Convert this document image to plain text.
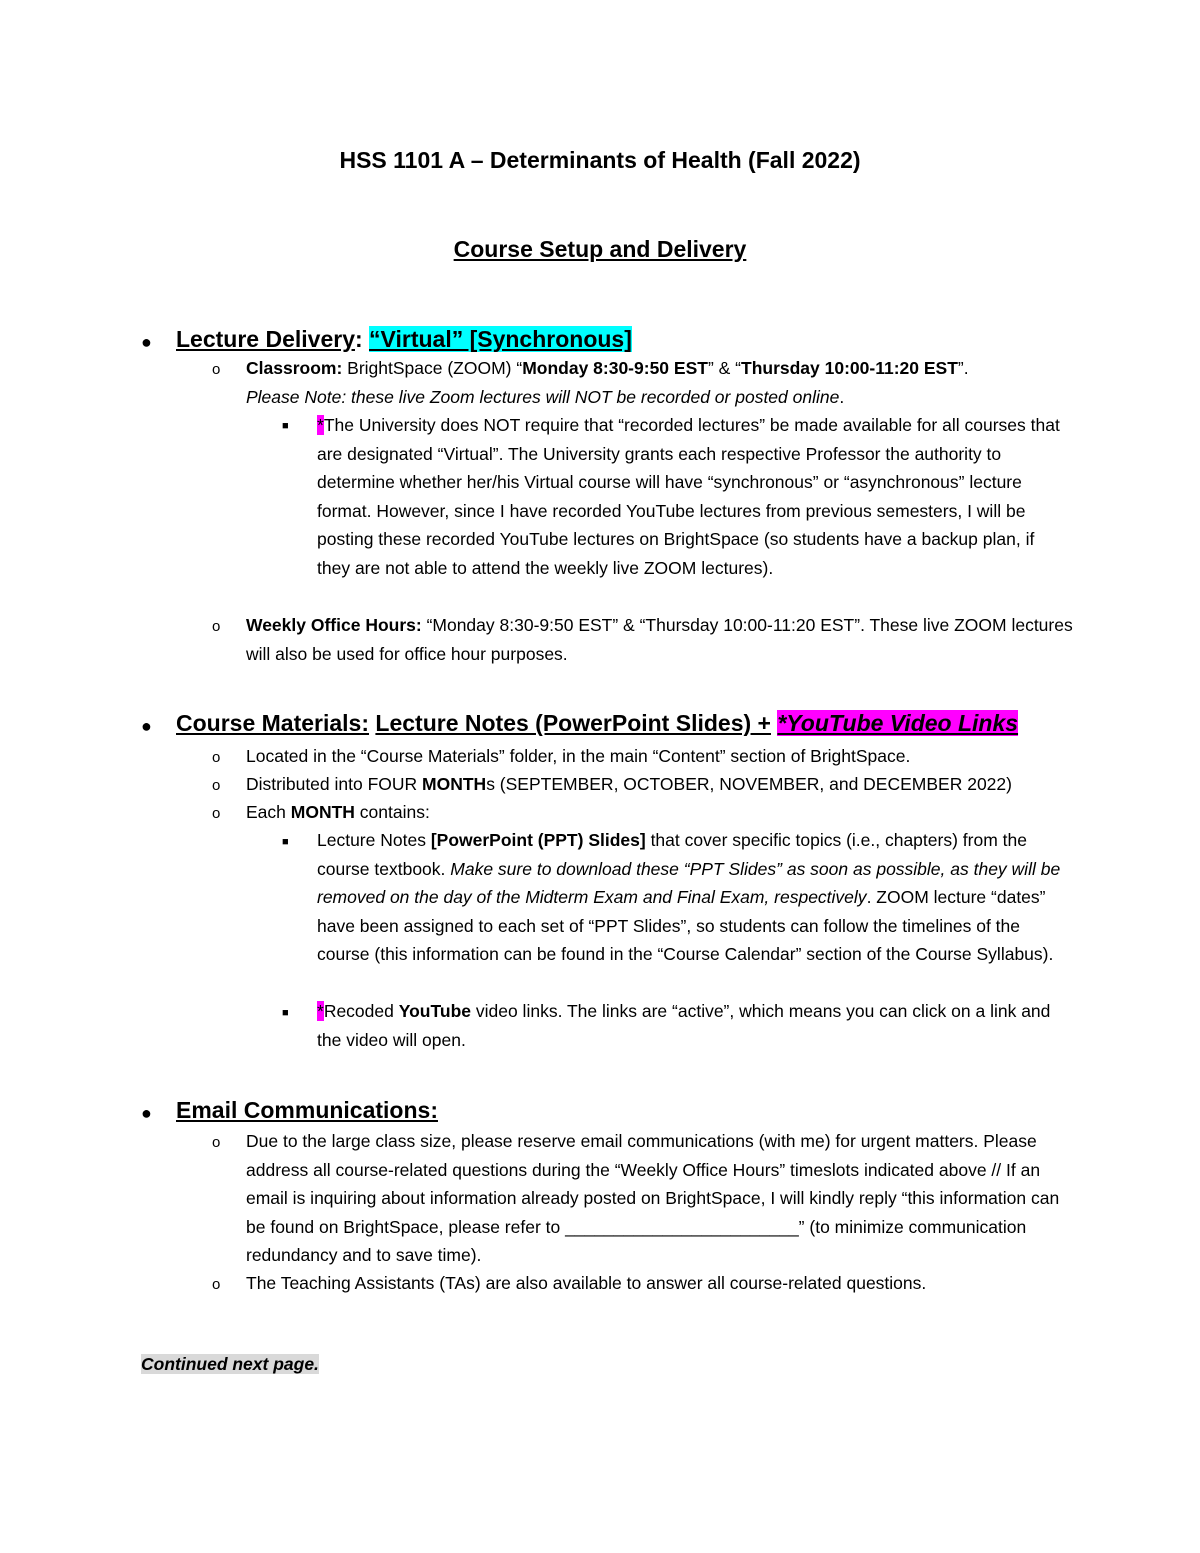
HSS 1101 A – Determinants of Health (Fall 2022)
Course Setup and Delivery
● Lecture Delivery: “Virtual” [Synchronous]
o Classroom: BrightSpace (ZOOM) “Monday 8:30-9:50 EST” & “Thursday 10:00-11:20 EST”.
Please Note: these live Zoom lectures will NOT be recorded or posted online.
■ *The University does NOT require that “recorded lectures” be made available for all courses that are designated “Virtual”. The University grants each respective Professor the authority to determine whether her/his Virtual course will have “synchronous” or “asynchronous” lecture format. However, since I have recorded YouTube lectures from previous semesters, I will be posting these recorded YouTube lectures on BrightSpace (so students have a backup plan, if they are not able to attend the weekly live ZOOM lectures).
o Weekly Office Hours: “Monday 8:30-9:50 EST” & “Thursday 10:00-11:20 EST”. These live ZOOM lectures will also be used for office hour purposes.
● Course Materials: Lecture Notes (PowerPoint Slides) + *YouTube Video Links
o Located in the “Course Materials” folder, in the main “Content” section of BrightSpace.
o Distributed into FOUR MONTHs (SEPTEMBER, OCTOBER, NOVEMBER, and DECEMBER 2022)
o Each MONTH contains:
■ Lecture Notes [PowerPoint (PPT) Slides] that cover specific topics (i.e., chapters) from the course textbook. Make sure to download these “PPT Slides” as soon as possible, as they will be removed on the day of the Midterm Exam and Final Exam, respectively. ZOOM lecture “dates” have been assigned to each set of “PPT Slides”, so students can follow the timelines of the course (this information can be found in the “Course Calendar” section of the Course Syllabus).
■ *Recoded YouTube video links. The links are “active”, which means you can click on a link and the video will open.
● Email Communications:
o Due to the large class size, please reserve email communications (with me) for urgent matters. Please address all course-related questions during the “Weekly Office Hours” timeslots indicated above // If an email is inquiring about information already posted on BrightSpace, I will kindly reply “this information can be found on BrightSpace, please refer to ________________________” (to minimize communication redundancy and to save time).
o The Teaching Assistants (TAs) are also available to answer all course-related questions.
Continued next page.
